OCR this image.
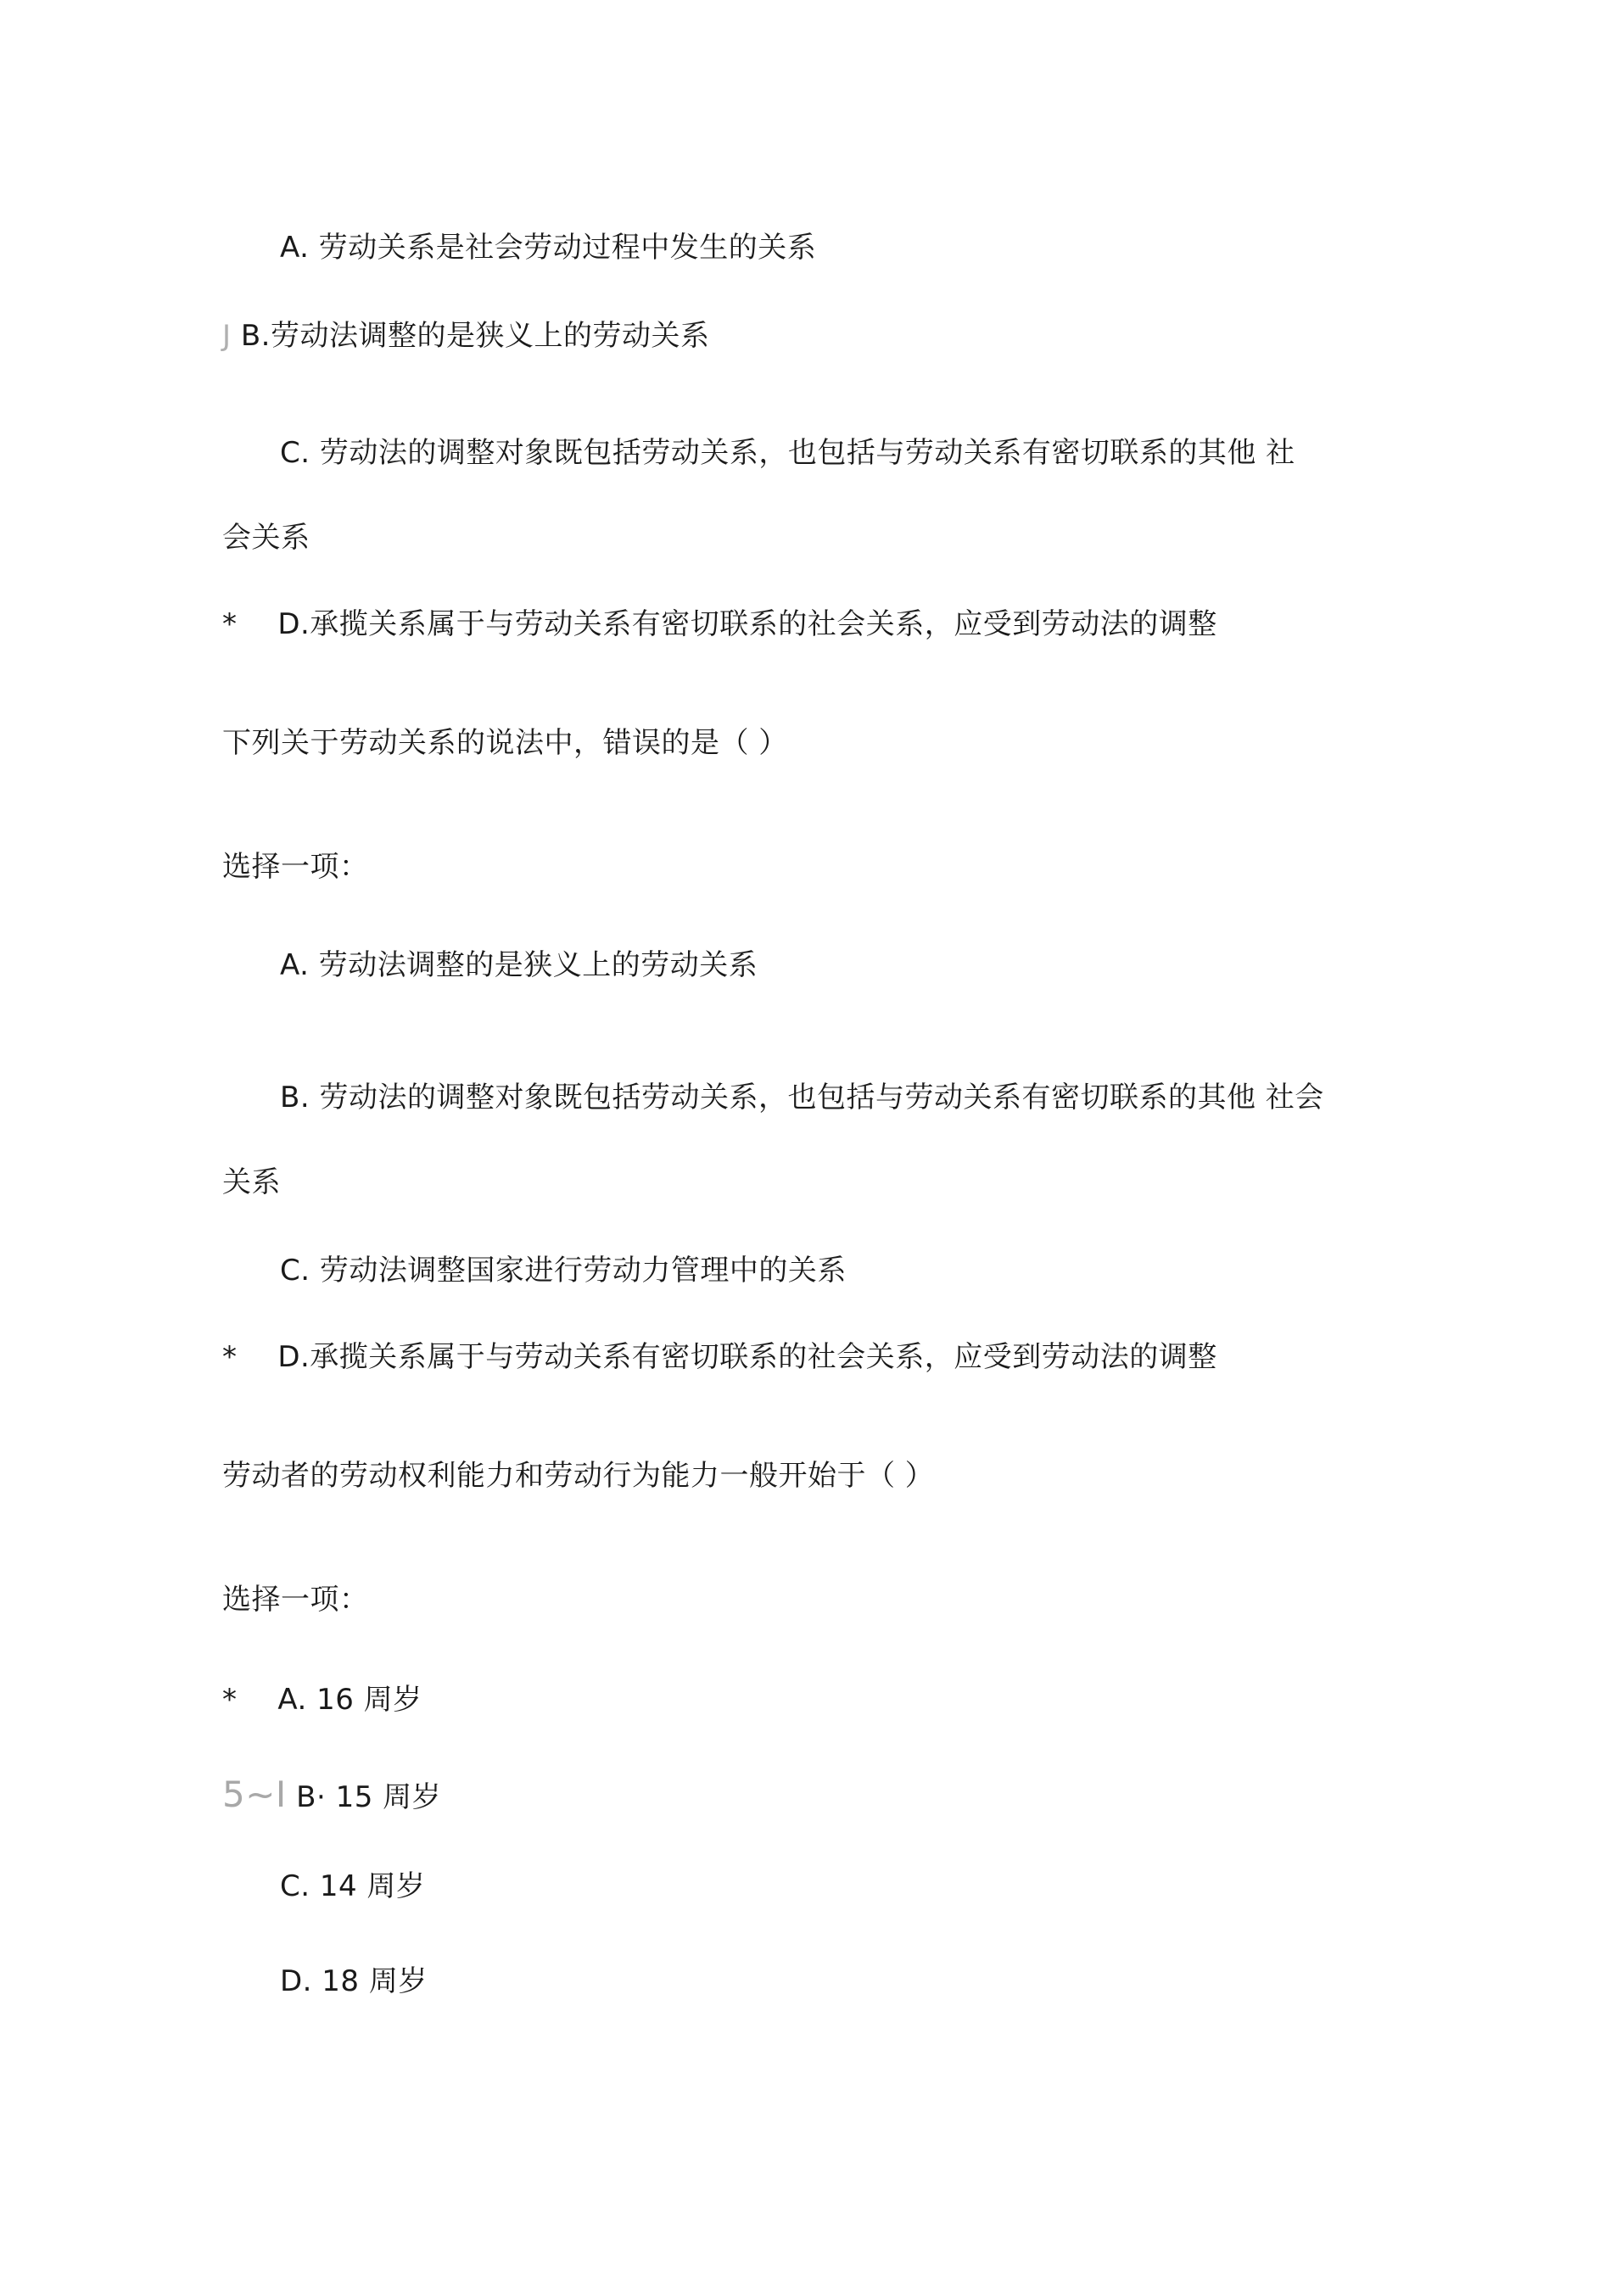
A. 劳动关系是社会劳动过程中发生的关系
J B.劳动法调整的是狭义上的劳动关系
C. 劳动法的调整对象既包括劳动关系，也包括与劳动关系有密切联系的其他 社
会关系
* D.承揽关系属于与劳动关系有密切联系的社会关系，应受到劳动法的调整
下列关于劳动关系的说法中，错误的是（ ）
选择一项：
A. 劳动法调整的是狭义上的劳动关系
B. 劳动法的调整对象既包括劳动关系，也包括与劳动关系有密切联系的其他 社会
关系
C. 劳动法调整国家进行劳动力管理中的关系
* D.承揽关系属于与劳动关系有密切联系的社会关系，应受到劳动法的调整
劳动者的劳动权利能力和劳动行为能力一般开始于（ ）
选择一项：
* A. 16 周岁
5~I B· 15 周岁
C. 14 周岁
D. 18 周岁
